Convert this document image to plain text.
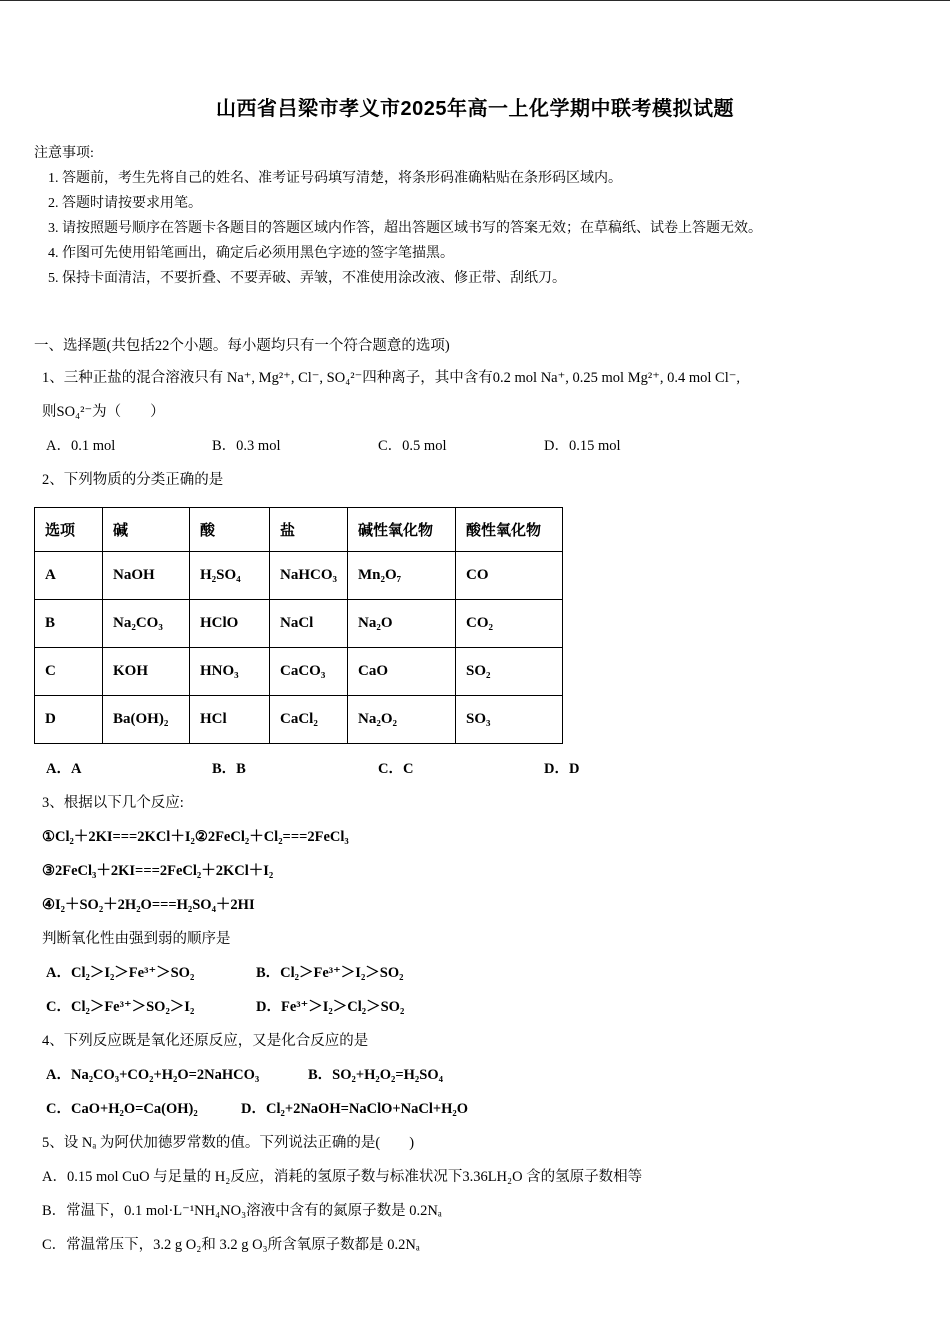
山西省吕梁市孝义市2025年高一上化学期中联考模拟试题
注意事项:
1. 答题前，考生先将自己的姓名、准考证号码填写清楚，将条形码准确粘贴在条形码区域内。
2. 答题时请按要求用笔。
3. 请按照题号顺序在答题卡各题目的答题区域内作答，超出答题区域书写的答案无效；在草稿纸、试卷上答题无效。
4. 作图可先使用铅笔画出，确定后必须用黑色字迹的签字笔描黑。
5. 保持卡面清洁，不要折叠、不要弄破、弄皱，不准使用涂改液、修正带、刮纸刀。
一、选择题(共包括22个小题。每小题均只有一个符合题意的选项)
1、三种正盐的混合溶液只有 Na⁺, Mg²⁺, Cl⁻, SO₄²⁻四种离子，其中含有0.2 mol Na⁺, 0.25 mol Mg²⁺, 0.4 mol Cl⁻,
则SO₄²⁻为（　　）
A．0.1 mol	B．0.3 mol	C．0.5 mol	D．0.15 mol
2、下列物质的分类正确的是
选项	碱	酸	盐	碱性氧化物	酸性氧化物
A	NaOH	H₂SO₄	NaHCO₃	Mn₂O₇	CO
B	Na₂CO₃	HClO	NaCl	Na₂O	CO₂
C	KOH	HNO₃	CaCO₃	CaO	SO₂
D	Ba(OH)₂	HCl	CaCl₂	Na₂O₂	SO₃
A．A	B．B	C．C	D．D
3、根据以下几个反应:
①Cl₂＋2KI===2KCl＋I₂②2FeCl₂＋Cl₂===2FeCl₃
③2FeCl₃＋2KI===2FeCl₂＋2KCl＋I₂
④I₂＋SO₂＋2H₂O===H₂SO₄＋2HI
判断氧化性由强到弱的顺序是
A．Cl₂＞I₂＞Fe³⁺＞SO₂	B．Cl₂＞Fe³⁺＞I₂＞SO₂
C．Cl₂＞Fe³⁺＞SO₂＞I₂	D．Fe³⁺＞I₂＞Cl₂＞SO₂
4、下列反应既是氧化还原反应，又是化合反应的是
A．Na₂CO₃+CO₂+H₂O=2NaHCO₃	B．SO₂+H₂O₂=H₂SO₄
C．CaO+H₂O=Ca(OH)₂	D．Cl₂+2NaOH=NaClO+NaCl+H₂O
5、设 Nₐ 为阿伏加德罗常数的值。下列说法正确的是(　　)
A．0.15 mol CuO 与足量的 H₂反应，消耗的氢原子数与标准状况下3.36LH₂O 含的氢原子数相等
B．常温下，0.1 mol·L⁻¹NH₄NO₃溶液中含有的氮原子数是 0.2Nₐ
C．常温常压下，3.2 g O₂和 3.2 g O₃所含氧原子数都是 0.2Nₐ
